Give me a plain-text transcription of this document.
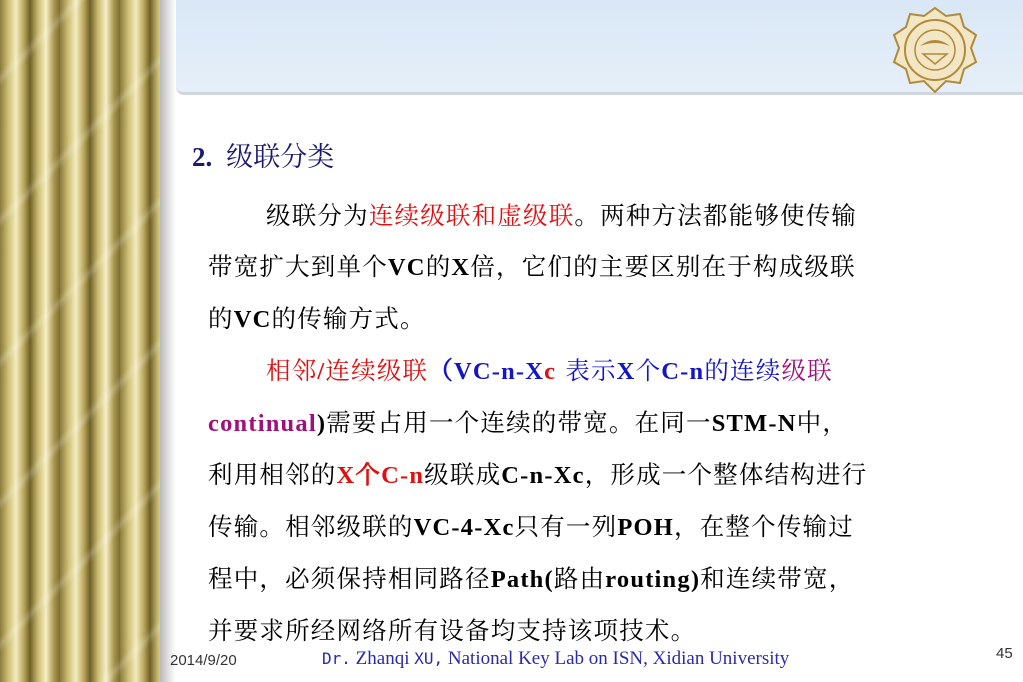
2. 级联分类
级联分为连续级联和虚级联。两种方法都能够使传输
带宽扩大到单个VC的X倍，它们的主要区别在于构成级联
的VC的传输方式。
相邻/连续级联（VC-n-Xc 表示X个C-n的连续级联
continual)需要占用一个连续的带宽。在同一STM-N中，
利用相邻的X个C-n级联成C-n-Xc，形成一个整体结构进行
传输。相邻级联的VC-4-Xc只有一列POH，在整个传输过
程中，必须保持相同路径Path(路由routing)和连续带宽，
并要求所经网络所有设备均支持该项技术。
2014/9/20	Dr. Zhanqi XU, National Key Lab on ISN, Xidian University	45
